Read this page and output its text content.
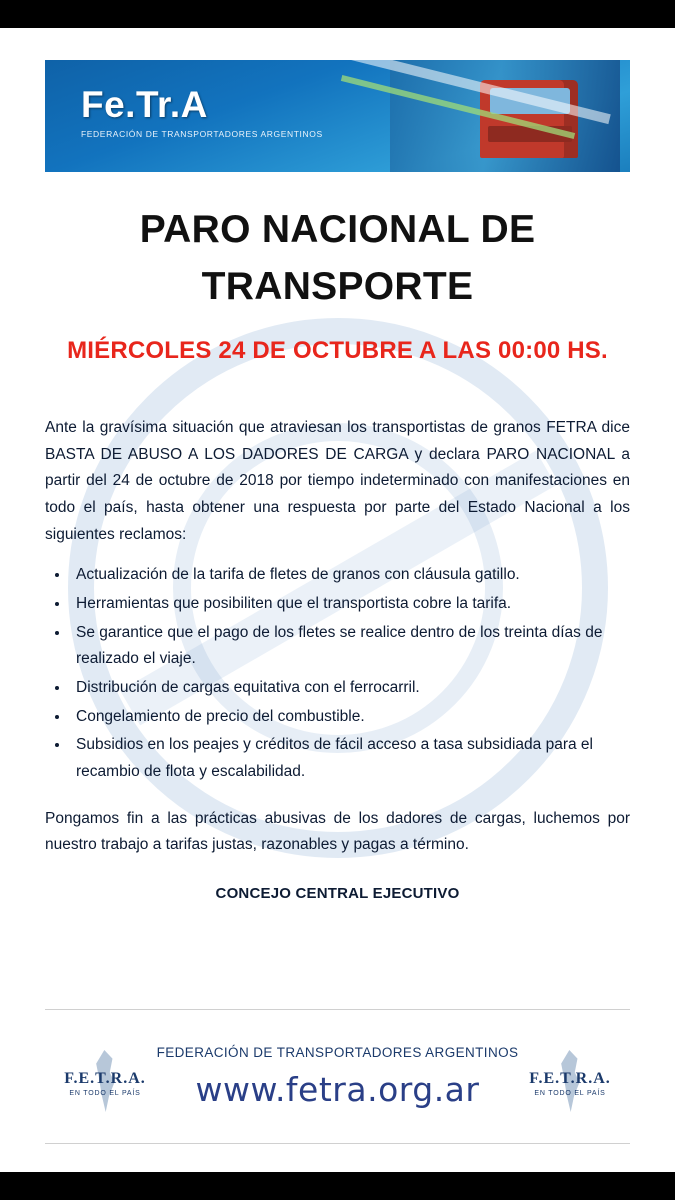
Fe.Tr.A
FEDERACIÓN DE TRANSPORTADORES ARGENTINOS
PARO NACIONAL DE
TRANSPORTE
MIÉRCOLES 24 DE OCTUBRE A LAS 00:00 HS.

Ante la gravísima situación que atraviesan los transportistas de granos FETRA dice BASTA DE ABUSO A LOS DADORES DE CARGA y declara PARO NACIONAL a partir del 24 de octubre de 2018 por tiempo indeterminado con manifestaciones en todo el país, hasta obtener una respuesta por parte del Estado Nacional a los siguientes reclamos:

• Actualización de la tarifa de fletes de granos con cláusula gatillo.
• Herramientas que posibiliten que el transportista cobre la tarifa.
• Se garantice que el pago de los fletes se realice dentro de los treinta días de realizado el viaje.
• Distribución de cargas equitativa con el ferrocarril.
• Congelamiento de precio del combustible.
• Subsidios en los peajes y créditos de fácil acceso a tasa subsidiada para el recambio de flota y escalabilidad.

Pongamos fin a las prácticas abusivas de los dadores de cargas, luchemos por nuestro trabajo a tarifas justas, razonables y pagas a término.

CONCEJO CENTRAL EJECUTIVO
F.E.T.R.A.
EN TODO EL PAÍS
FEDERACIÓN DE TRANSPORTADORES ARGENTINOS
www.fetra.org.ar	F.E.T.R.A.
EN TODO EL PAÍS
